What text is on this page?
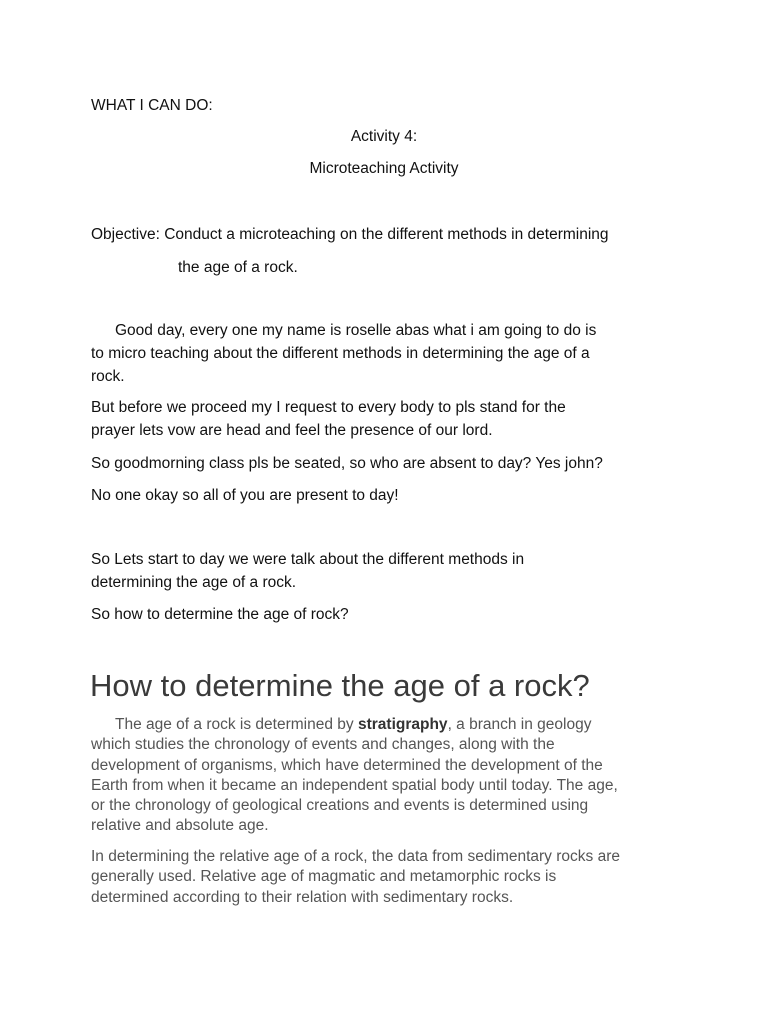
WHAT I CAN DO:

Activity 4:

Microteaching Activity

Objective: Conduct a microteaching on the different methods in determining

the age of a rock.

Good day, every one my name is roselle abas what i am going to do is

to micro teaching about the different methods in determining the age of a

rock.

But before we proceed my I request to every body to pls stand for the

prayer lets vow are head and feel the presence of our lord.

So goodmorning class pls be seated, so who are absent to day? Yes john?

No one okay so all of you are present to day!

So Lets start to day we were talk about the different methods in

determining the age of a rock.

So how to determine the age of rock?

How to determine the age of a rock?

The age of a rock is determined by stratigraphy, a branch in geology

which studies the chronology of events and changes, along with the

development of organisms, which have determined the development of the

Earth from when it became an independent spatial body until today. The age,

or the chronology of geological creations and events is determined using

relative and absolute age.

In determining the relative age of a rock, the data from sedimentary rocks are

generally used. Relative age of magmatic and metamorphic rocks is

determined according to their relation with sedimentary rocks.
